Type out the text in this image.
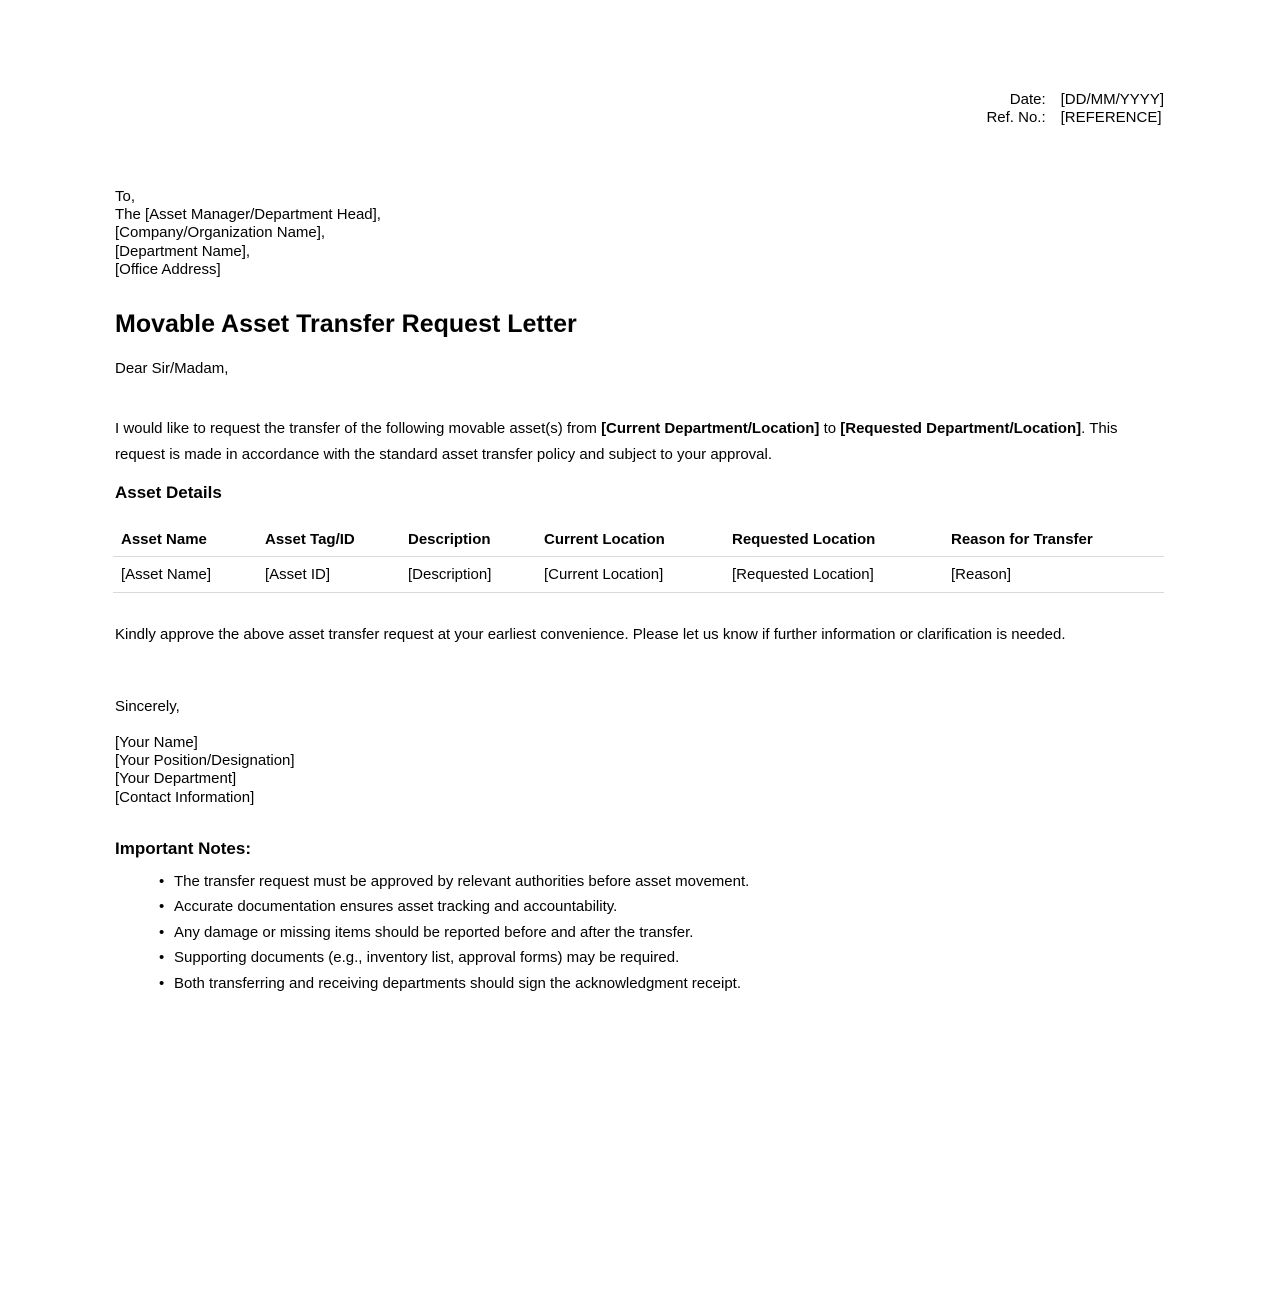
Date: [DD/MM/YYYY]
Ref. No.: [REFERENCE]
To,
The [Asset Manager/Department Head],
[Company/Organization Name],
[Department Name],
[Office Address]
Movable Asset Transfer Request Letter
Dear Sir/Madam,

I would like to request the transfer of the following movable asset(s) from [Current Department/Location] to [Requested Department/Location]. This request is made in accordance with the standard asset transfer policy and subject to your approval.

Asset Details
Asset Name	Asset Tag/ID	Description	Current Location	Requested Location	Reason for Transfer
[Asset Name]	[Asset ID]	[Description]	[Current Location]	[Requested Location]	[Reason]
Kindly approve the above asset transfer request at your earliest convenience. Please let us know if further information or clarification is needed.
Sincerely,
[Your Name]
[Your Position/Designation]
[Your Department]
[Contact Information]
Important Notes:
• The transfer request must be approved by relevant authorities before asset movement.
• Accurate documentation ensures asset tracking and accountability.
• Any damage or missing items should be reported before and after the transfer.
• Supporting documents (e.g., inventory list, approval forms) may be required.
• Both transferring and receiving departments should sign the acknowledgment receipt.
